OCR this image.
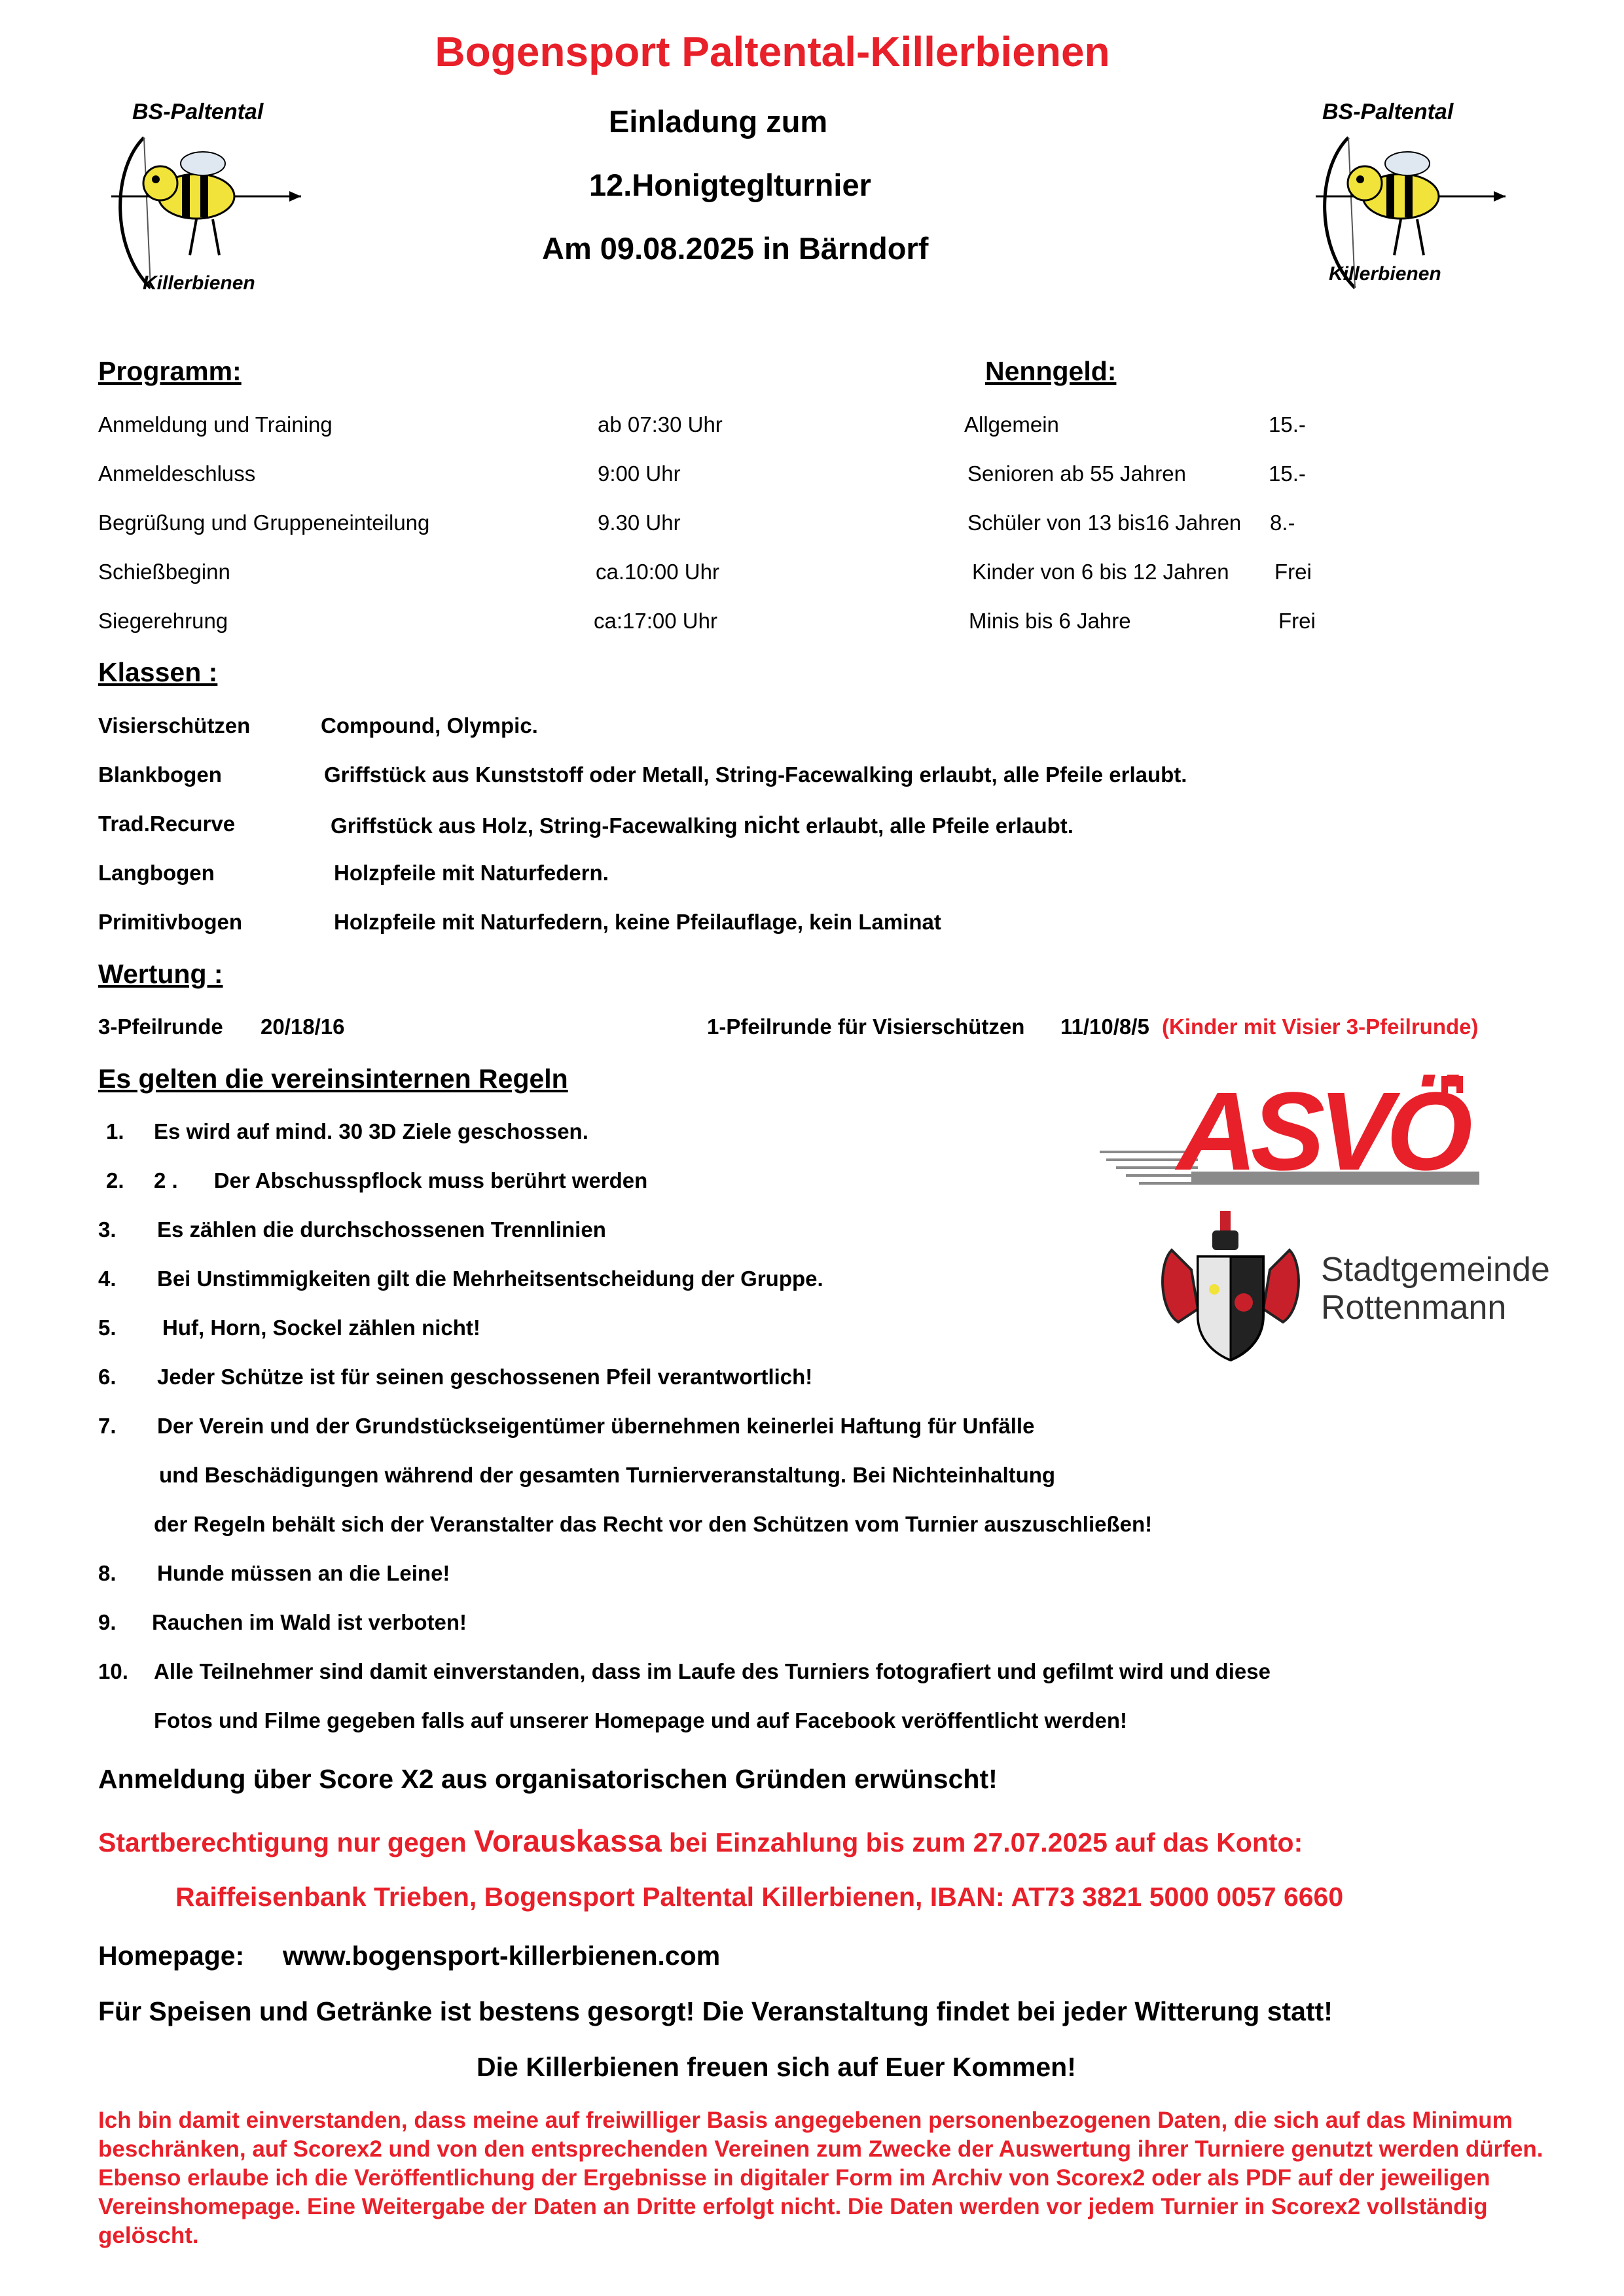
Bogensport Paltental-Killerbienen
BS-Paltental
Killerbienen
BS-Paltental
Killerbienen
Einladung zum
12.Honigteglturnier
Am 09.08.2025 in Bärndorf
Programm:
Anmeldung und Training	ab 07:30 Uhr
Anmeldeschluss	9:00 Uhr
Begrüßung und Gruppeneinteilung	9.30 Uhr
Schießbeginn	ca.10:00 Uhr
Siegerehrung	ca:17:00 Uhr
Nenngeld:
Allgemein	15.-
Senioren ab 55 Jahren	15.-
Schüler von 13 bis16 Jahren 8.-
Kinder von 6 bis 12 Jahren Frei
Minis bis 6 Jahre	Frei
Klassen :
Visierschützen	Compound, Olympic.
Blankbogen	Griffstück aus Kunststoff oder Metall, String-Facewalking erlaubt, alle Pfeile erlaubt.
Trad.Recurve	Griffstück aus Holz, String-Facewalking nicht erlaubt, alle Pfeile erlaubt.
Langbogen	Holzpfeile mit Naturfedern.
Primitivbogen	Holzpfeile mit Naturfedern, keine Pfeilauflage, kein Laminat
Wertung :
3-Pfeilrunde 20/18/16	1-Pfeilrunde für Visierschützen 11/10/8/5 (Kinder mit Visier 3-Pfeilrunde)
Es gelten die vereinsinternen Regeln
1. Es wird auf mind. 30 3D Ziele geschossen.
2. 2 .      Der Abschusspflock muss berührt werden
3. Es zählen die durchschossenen Trennlinien
4. Bei Unstimmigkeiten gilt die Mehrheitsentscheidung der Gruppe.
5. Huf, Horn, Sockel zählen nicht!
6. Jeder Schütze ist für seinen geschossenen Pfeil verantwortlich!
7. Der Verein und der Grundstückseigentümer übernehmen keinerlei Haftung für Unfälle
und Beschädigungen während der gesamten Turnierveranstaltung. Bei Nichteinhaltung
der Regeln behält sich der Veranstalter das Recht vor den Schützen vom Turnier auszuschließen!
8. Hunde müssen an die Leine!
9. Rauchen im Wald ist verboten!
10. Alle Teilnehmer sind damit einverstanden, dass im Laufe des Turniers fotografiert und gefilmt wird und diese
Fotos und Filme gegeben falls auf unserer Homepage und auf Facebook veröffentlicht werden!
ASVÖ
Stadtgemeinde
Rottenmann
Anmeldung über Score X2 aus organisatorischen Gründen erwünscht!
Startberechtigung nur gegen Vorauskassa bei Einzahlung bis zum 27.07.2025 auf das Konto:
Raiffeisenbank Trieben, Bogensport Paltental Killerbienen, IBAN: AT73 3821 5000 0057 6660
Homepage: www.bogensport-killerbienen.com
Für Speisen und Getränke ist bestens gesorgt! Die Veranstaltung findet bei jeder Witterung statt!
Die Killerbienen freuen sich auf Euer Kommen!
Ich bin damit einverstanden, dass meine auf freiwilliger Basis angegebenen personenbezogenen Daten, die sich auf das Minimum beschränken, auf Scorex2 und von den entsprechenden Vereinen zum Zwecke der Auswertung ihrer Turniere genutzt werden dürfen. Ebenso erlaube ich die Veröffentlichung der Ergebnisse in digitaler Form im Archiv von Scorex2 oder als PDF auf der jeweiligen Vereinshomepage. Eine Weitergabe der Daten an Dritte erfolgt nicht. Die Daten werden vor jedem Turnier in Scorex2 vollständig gelöscht.
